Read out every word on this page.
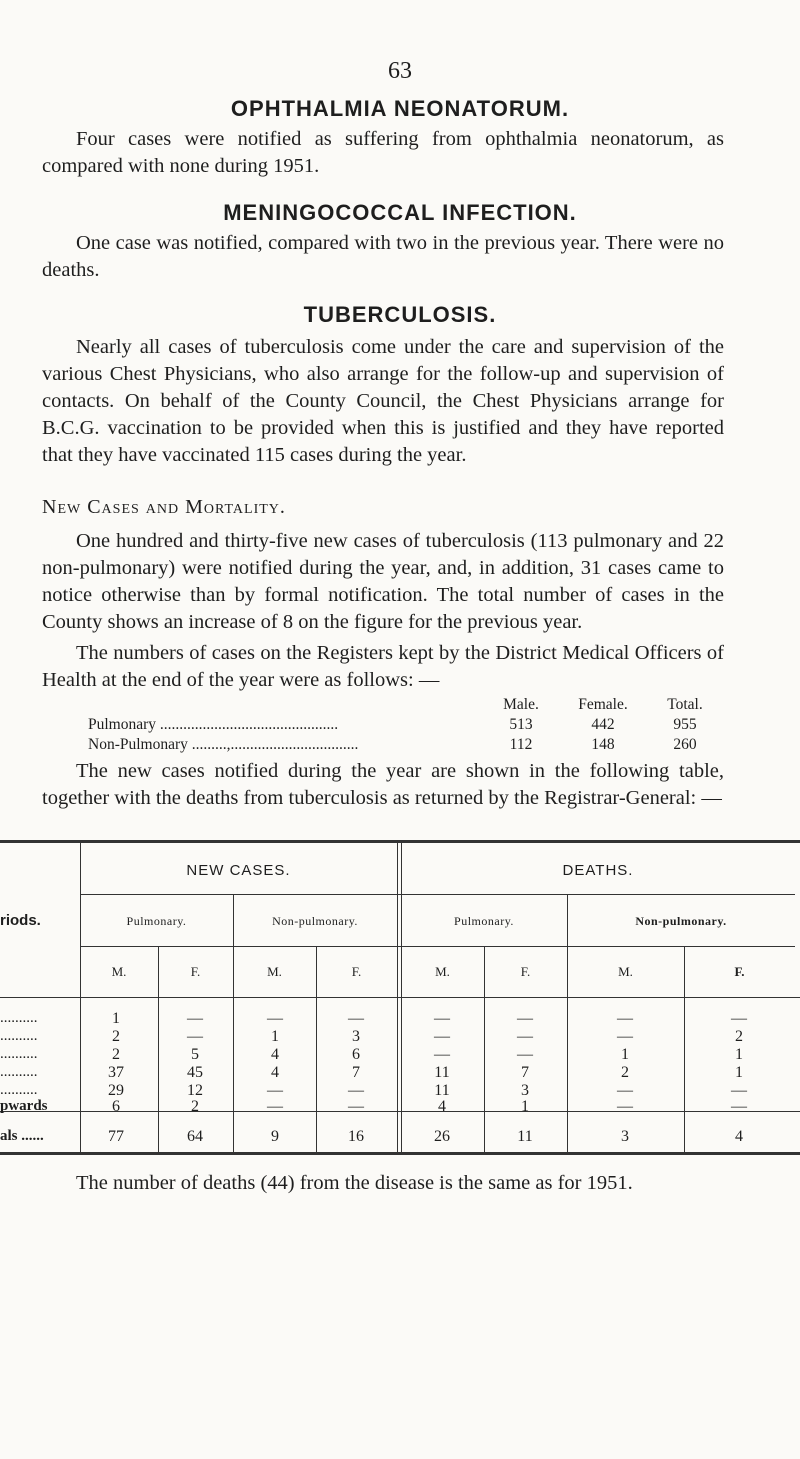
63
OPHTHALMIA NEONATORUM.

Four cases were notified as suffering from ophthalmia neonatorum, as compared with none during 1951.

MENINGOCOCCAL INFECTION.

One case was notified, compared with two in the previous year. There were no deaths.

TUBERCULOSIS.

Nearly all cases of tuberculosis come under the care and supervision of the various Chest Physicians, who also arrange for the follow-up and supervision of contacts. On behalf of the County Council, the Chest Physicians arrange for B.C.G. vaccination to be provided when this is justified and they have reported that they have vaccinated 115 cases during the year.

New Cases and Mortality.

One hundred and thirty-five new cases of tuberculosis (113 pulmonary and 22 non-pulmonary) were notified during the year, and, in addition, 31 cases came to notice otherwise than by formal notification. The total number of cases in the County shows an increase of 8 on the figure for the previous year.

The numbers of cases on the Registers kept by the District Medical Officers of Health at the end of the year were as follows: —

Male.	Female.	Total.
Pulmonary ..............................................	513	442	955
Non-Pulmonary .........,.................................	112	148	260

The new cases notified during the year are shown in the following table, together with the deaths from tuberculosis as returned by the Registrar-General: —

NEW CASES.	DEATHS.
riods.	Pulmonary.	Non-pulmonary.	Pulmonary.	Non-pulmonary.
M.	F.	M.	F.	M.	F.	M.	F.
..........	1	—	—	—	—	—	—	—
..........	2	—	1	3	—	—	—	2
..........	2	5	4	6	—	—	1	1
..........	37	45	4	7	11	7	2	1
..........	29	12	—	—	11	3	—	—
pwards	6	2	—	—	4	1	—	—
als ......	77	64	9	16	26	11	3	4

The number of deaths (44) from the disease is the same as for 1951.
